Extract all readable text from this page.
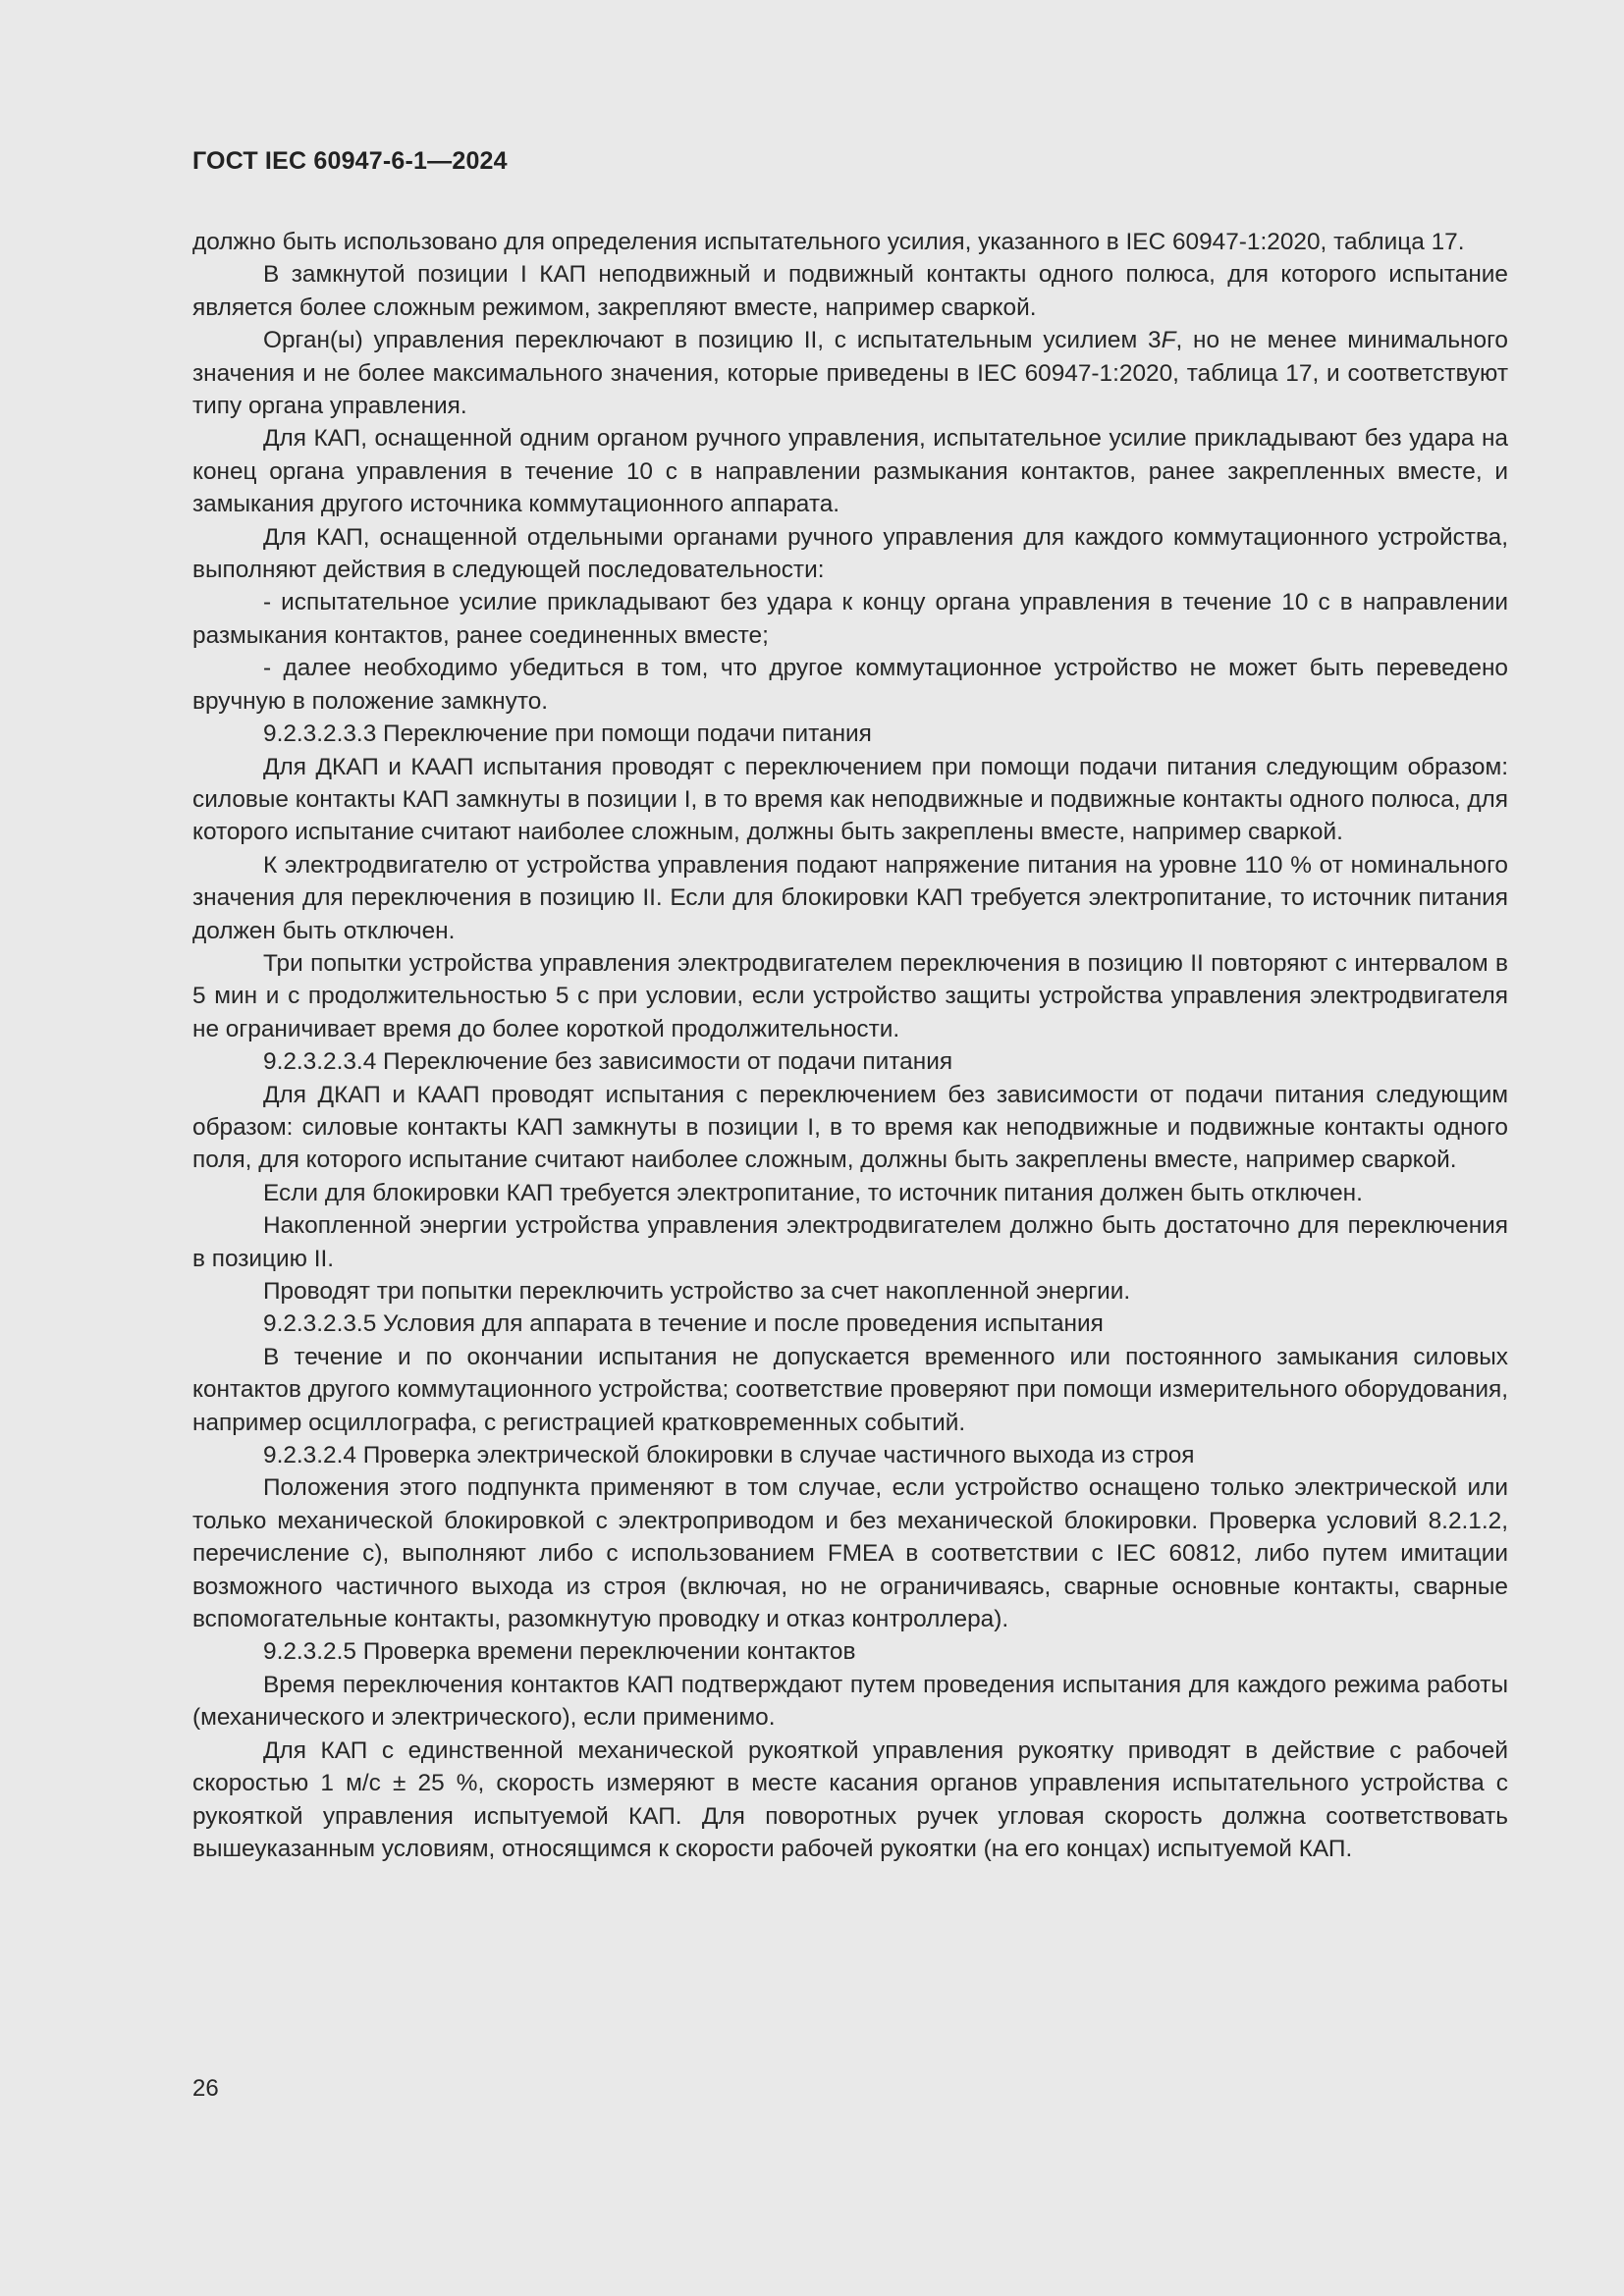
ГОСТ IEC 60947-6-1—2024

должно быть использовано для определения испытательного усилия, указанного в IEC 60947-1:2020, таблица 17.

В замкнутой позиции I КАП неподвижный и подвижный контакты одного полюса, для которого испытание является более сложным режимом, закрепляют вместе, например сваркой.

Орган(ы) управления переключают в позицию II, с испытательным усилием 3F, но не менее минимального значения и не более максимального значения, которые приведены в IEC 60947-1:2020, таблица 17, и соответствуют типу органа управления.

Для КАП, оснащенной одним органом ручного управления, испытательное усилие прикладывают без удара на конец органа управления в течение 10 с в направлении размыкания контактов, ранее закрепленных вместе, и замыкания другого источника коммутационного аппарата.

Для КАП, оснащенной отдельными органами ручного управления для каждого коммутационного устройства, выполняют действия в следующей последовательности:

- испытательное усилие прикладывают без удара к концу органа управления в течение 10 с в направлении размыкания контактов, ранее соединенных вместе;

- далее необходимо убедиться в том, что другое коммутационное устройство не может быть переведено вручную в положение замкнуто.

9.2.3.2.3.3 Переключение при помощи подачи питания

Для ДКАП и КААП испытания проводят с переключением при помощи подачи питания следующим образом: силовые контакты КАП замкнуты в позиции I, в то время как неподвижные и подвижные контакты одного полюса, для которого испытание считают наиболее сложным, должны быть закреплены вместе, например сваркой.

К электродвигателю от устройства управления подают напряжение питания на уровне 110 % от номинального значения для переключения в позицию II. Если для блокировки КАП требуется электропитание, то источник питания должен быть отключен.

Три попытки устройства управления электродвигателем переключения в позицию II повторяют с интервалом в 5 мин и с продолжительностью 5 с при условии, если устройство защиты устройства управления электродвигателя не ограничивает время до более короткой продолжительности.

9.2.3.2.3.4 Переключение без зависимости от подачи питания

Для ДКАП и КААП проводят испытания с переключением без зависимости от подачи питания следующим образом: силовые контакты КАП замкнуты в позиции I, в то время как неподвижные и подвижные контакты одного поля, для которого испытание считают наиболее сложным, должны быть закреплены вместе, например сваркой.

Если для блокировки КАП требуется электропитание, то источник питания должен быть отключен.

Накопленной энергии устройства управления электродвигателем должно быть достаточно для переключения в позицию II.

Проводят три попытки переключить устройство за счет накопленной энергии.

9.2.3.2.3.5 Условия для аппарата в течение и после проведения испытания

В течение и по окончании испытания не допускается временного или постоянного замыкания силовых контактов другого коммутационного устройства; соответствие проверяют при помощи измерительного оборудования, например осциллографа, с регистрацией кратковременных событий.

9.2.3.2.4 Проверка электрической блокировки в случае частичного выхода из строя

Положения этого подпункта применяют в том случае, если устройство оснащено только электрической или только механической блокировкой с электроприводом и без механической блокировки. Проверка условий 8.2.1.2, перечисление с), выполняют либо с использованием FMEA в соответствии с IEC 60812, либо путем имитации возможного частичного выхода из строя (включая, но не ограничиваясь, сварные основные контакты, сварные вспомогательные контакты, разомкнутую проводку и отказ контроллера).

9.2.3.2.5 Проверка времени переключении контактов

Время переключения контактов КАП подтверждают путем проведения испытания для каждого режима работы (механического и электрического), если применимо.

Для КАП с единственной механической рукояткой управления рукоятку приводят в действие с рабочей скоростью 1 м/с ± 25 %, скорость измеряют в месте касания органов управления испытательного устройства с рукояткой управления испытуемой КАП. Для поворотных ручек угловая скорость должна соответствовать вышеуказанным условиям, относящимся к скорости рабочей рукоятки (на его концах) испытуемой КАП.

26
